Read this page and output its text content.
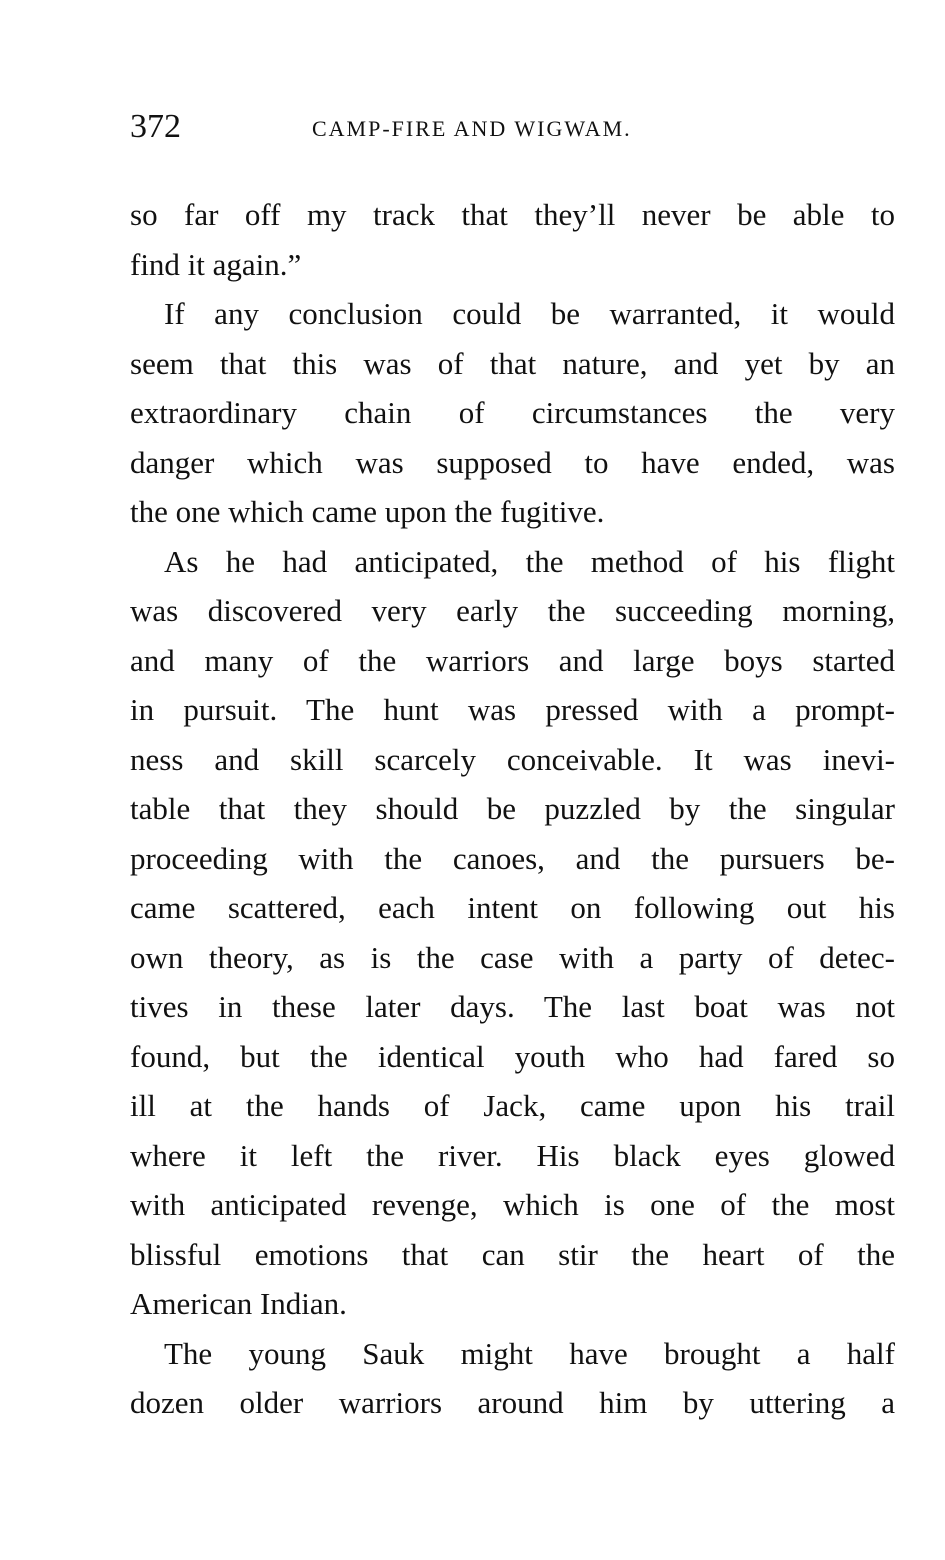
372	CAMP-FIRE AND WIGWAM.

so far off my track that they’ll never be able to
find it again.”

If any conclusion could be warranted, it would
seem that this was of that nature, and yet by an
extraordinary chain of circumstances the very
danger which was supposed to have ended, was
the one which came upon the fugitive.

As he had anticipated, the method of his flight
was discovered very early the succeeding morning,
and many of the warriors and large boys started
in pursuit. The hunt was pressed with a prompt-
ness and skill scarcely conceivable. It was inevi-
table that they should be puzzled by the singular
proceeding with the canoes, and the pursuers be-
came scattered, each intent on following out his
own theory, as is the case with a party of detec-
tives in these later days. The last boat was not
found, but the identical youth who had fared so
ill at the hands of Jack, came upon his trail
where it left the river. His black eyes glowed
with anticipated revenge, which is one of the most
blissful emotions that can stir the heart of the
American Indian.

The young Sauk might have brought a half
dozen older warriors around him by uttering a
